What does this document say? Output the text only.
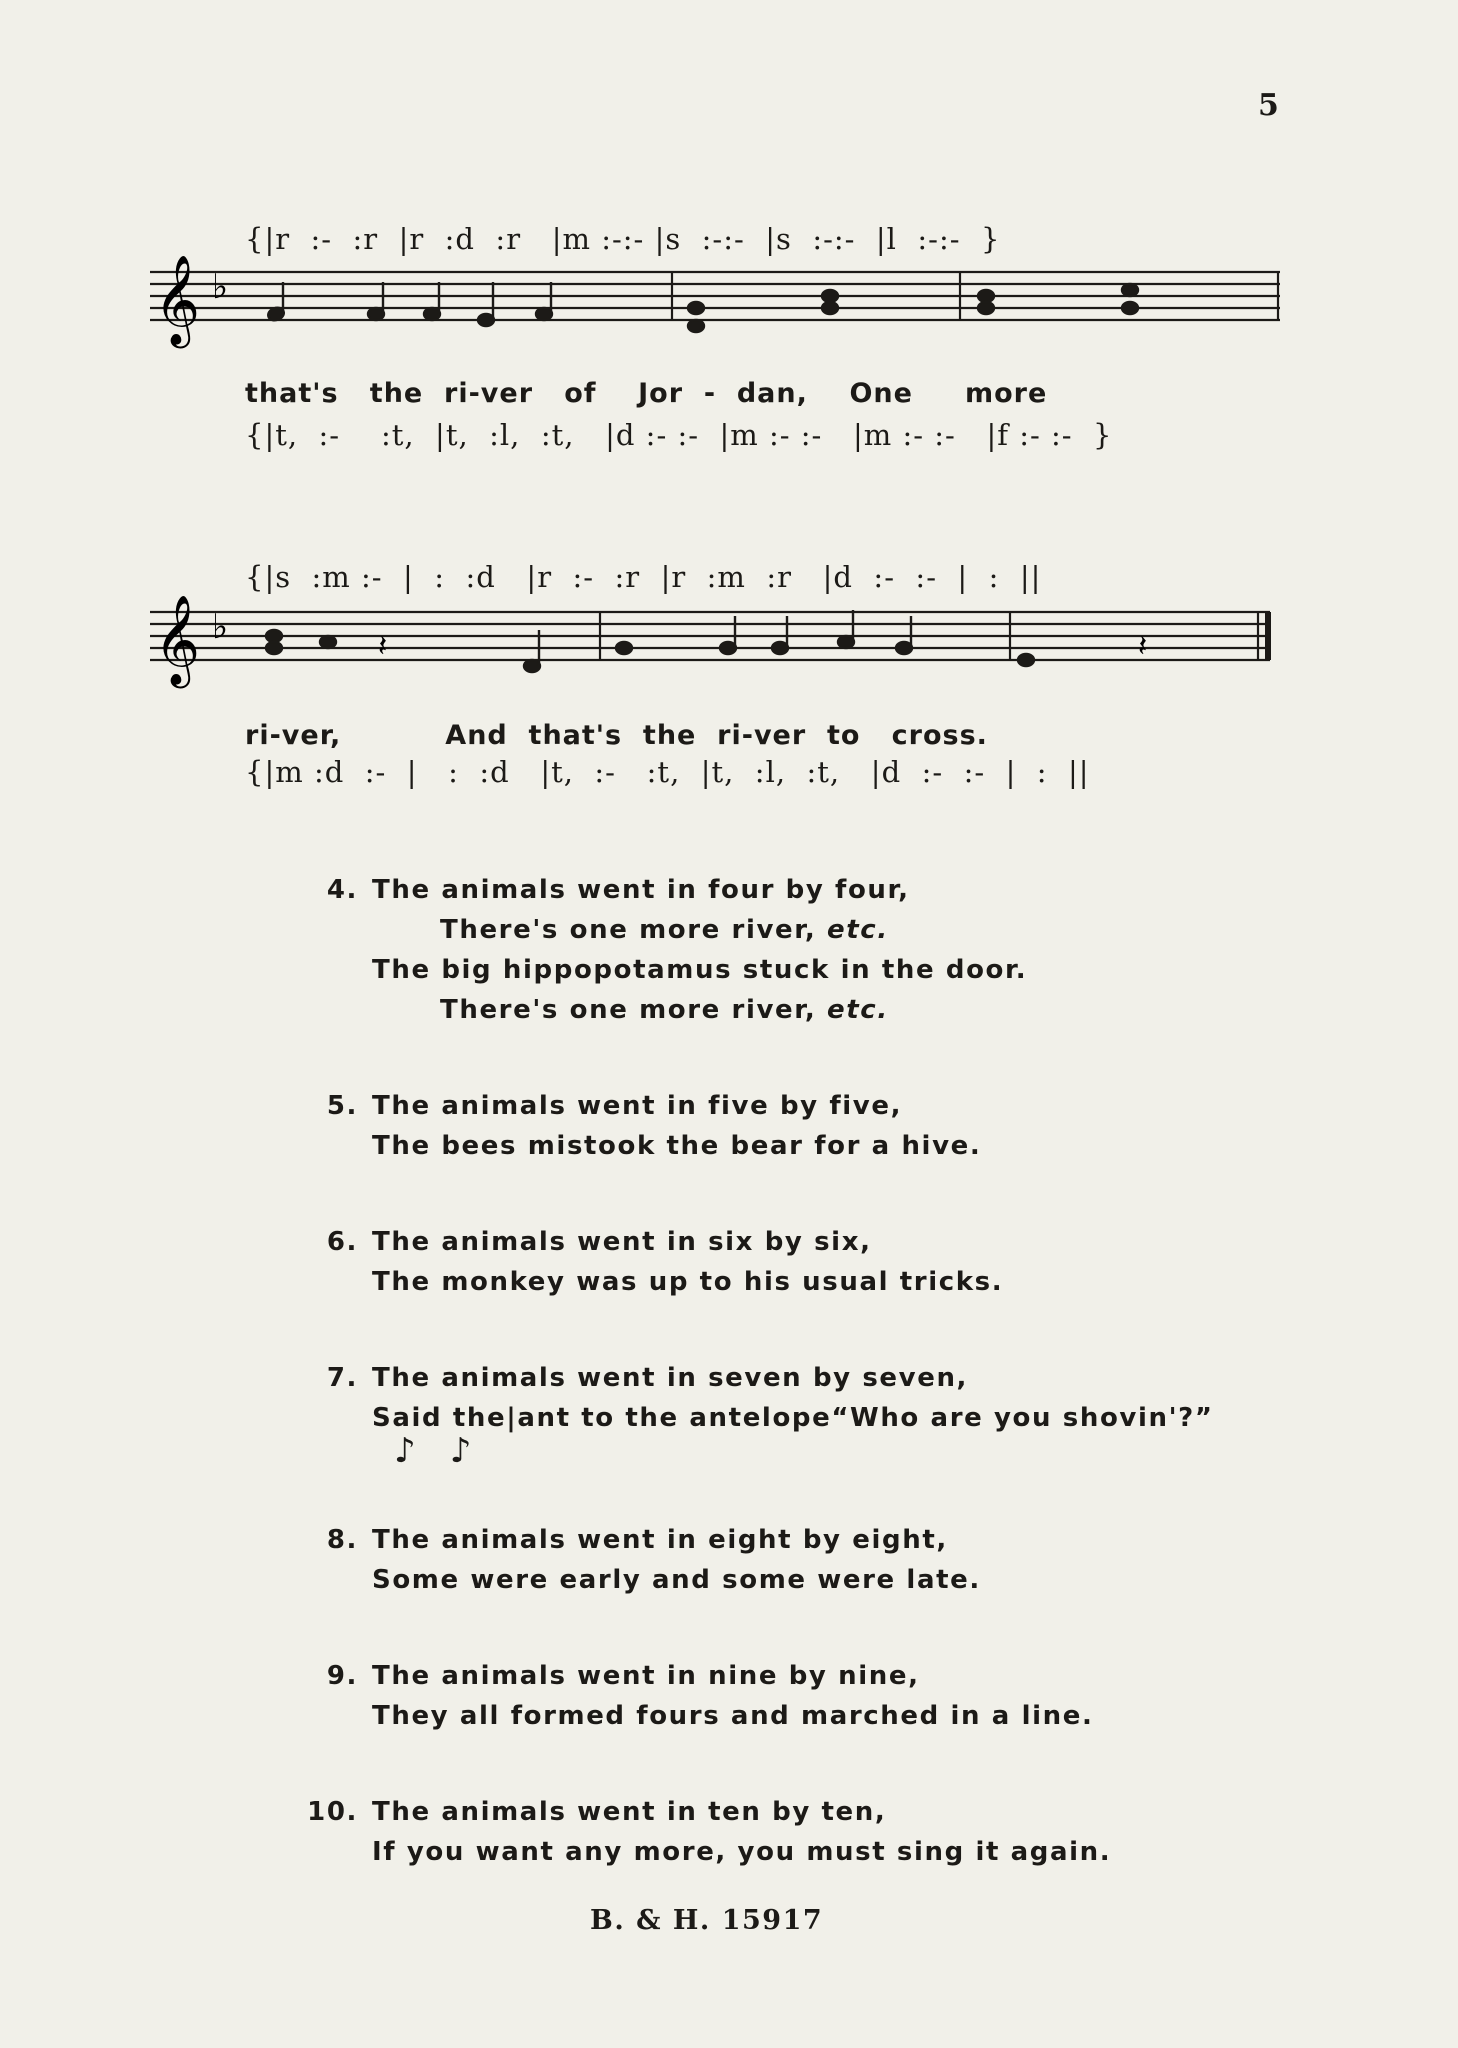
5
{|r  :-  :r  |r  :d  :r   |m :-:- |s  :-:-  |s  :-:-  |l  :-:-  }
𝄞 ♭
that's   the  ri-ver   of    Jor  -  dan,    One     more
{|t,  :-    :t,  |t,  :l,  :t,   |d :- :-  |m :- :-   |m :- :-   |f :- :-  }
{|s  :m :-  |  :  :d   |r  :-  :r  |r  :m  :r   |d  :-  :-  |  :  ||
𝄞 ♭	𝄽	𝄽
ri-ver,          And  that's  the  ri-ver  to   cross.
{|m :d  :-  |   :  :d   |t,  :-   :t,  |t,  :l,  :t,   |d  :-  :-  |  :  ||
4. The animals went in four by four,
There's one more river,
etc.
The big hippopotamus stuck in the door.
There's one more river,
etc.
5. The animals went in five by five,
The bees mistook the bear for a hive.
6. The animals went in six by six,
The monkey was up to his usual tricks.
7. The animals went in seven by seven,
Said the|ant to the antelope“Who are you shovin'?”
♪♪
8. The animals went in eight by eight,
Some were early and some were late.
9. The animals went in nine by nine,
They all formed fours and marched in a line.
10. The animals went in ten by ten,
If you want any more, you must sing it again.
B. & H. 15917
